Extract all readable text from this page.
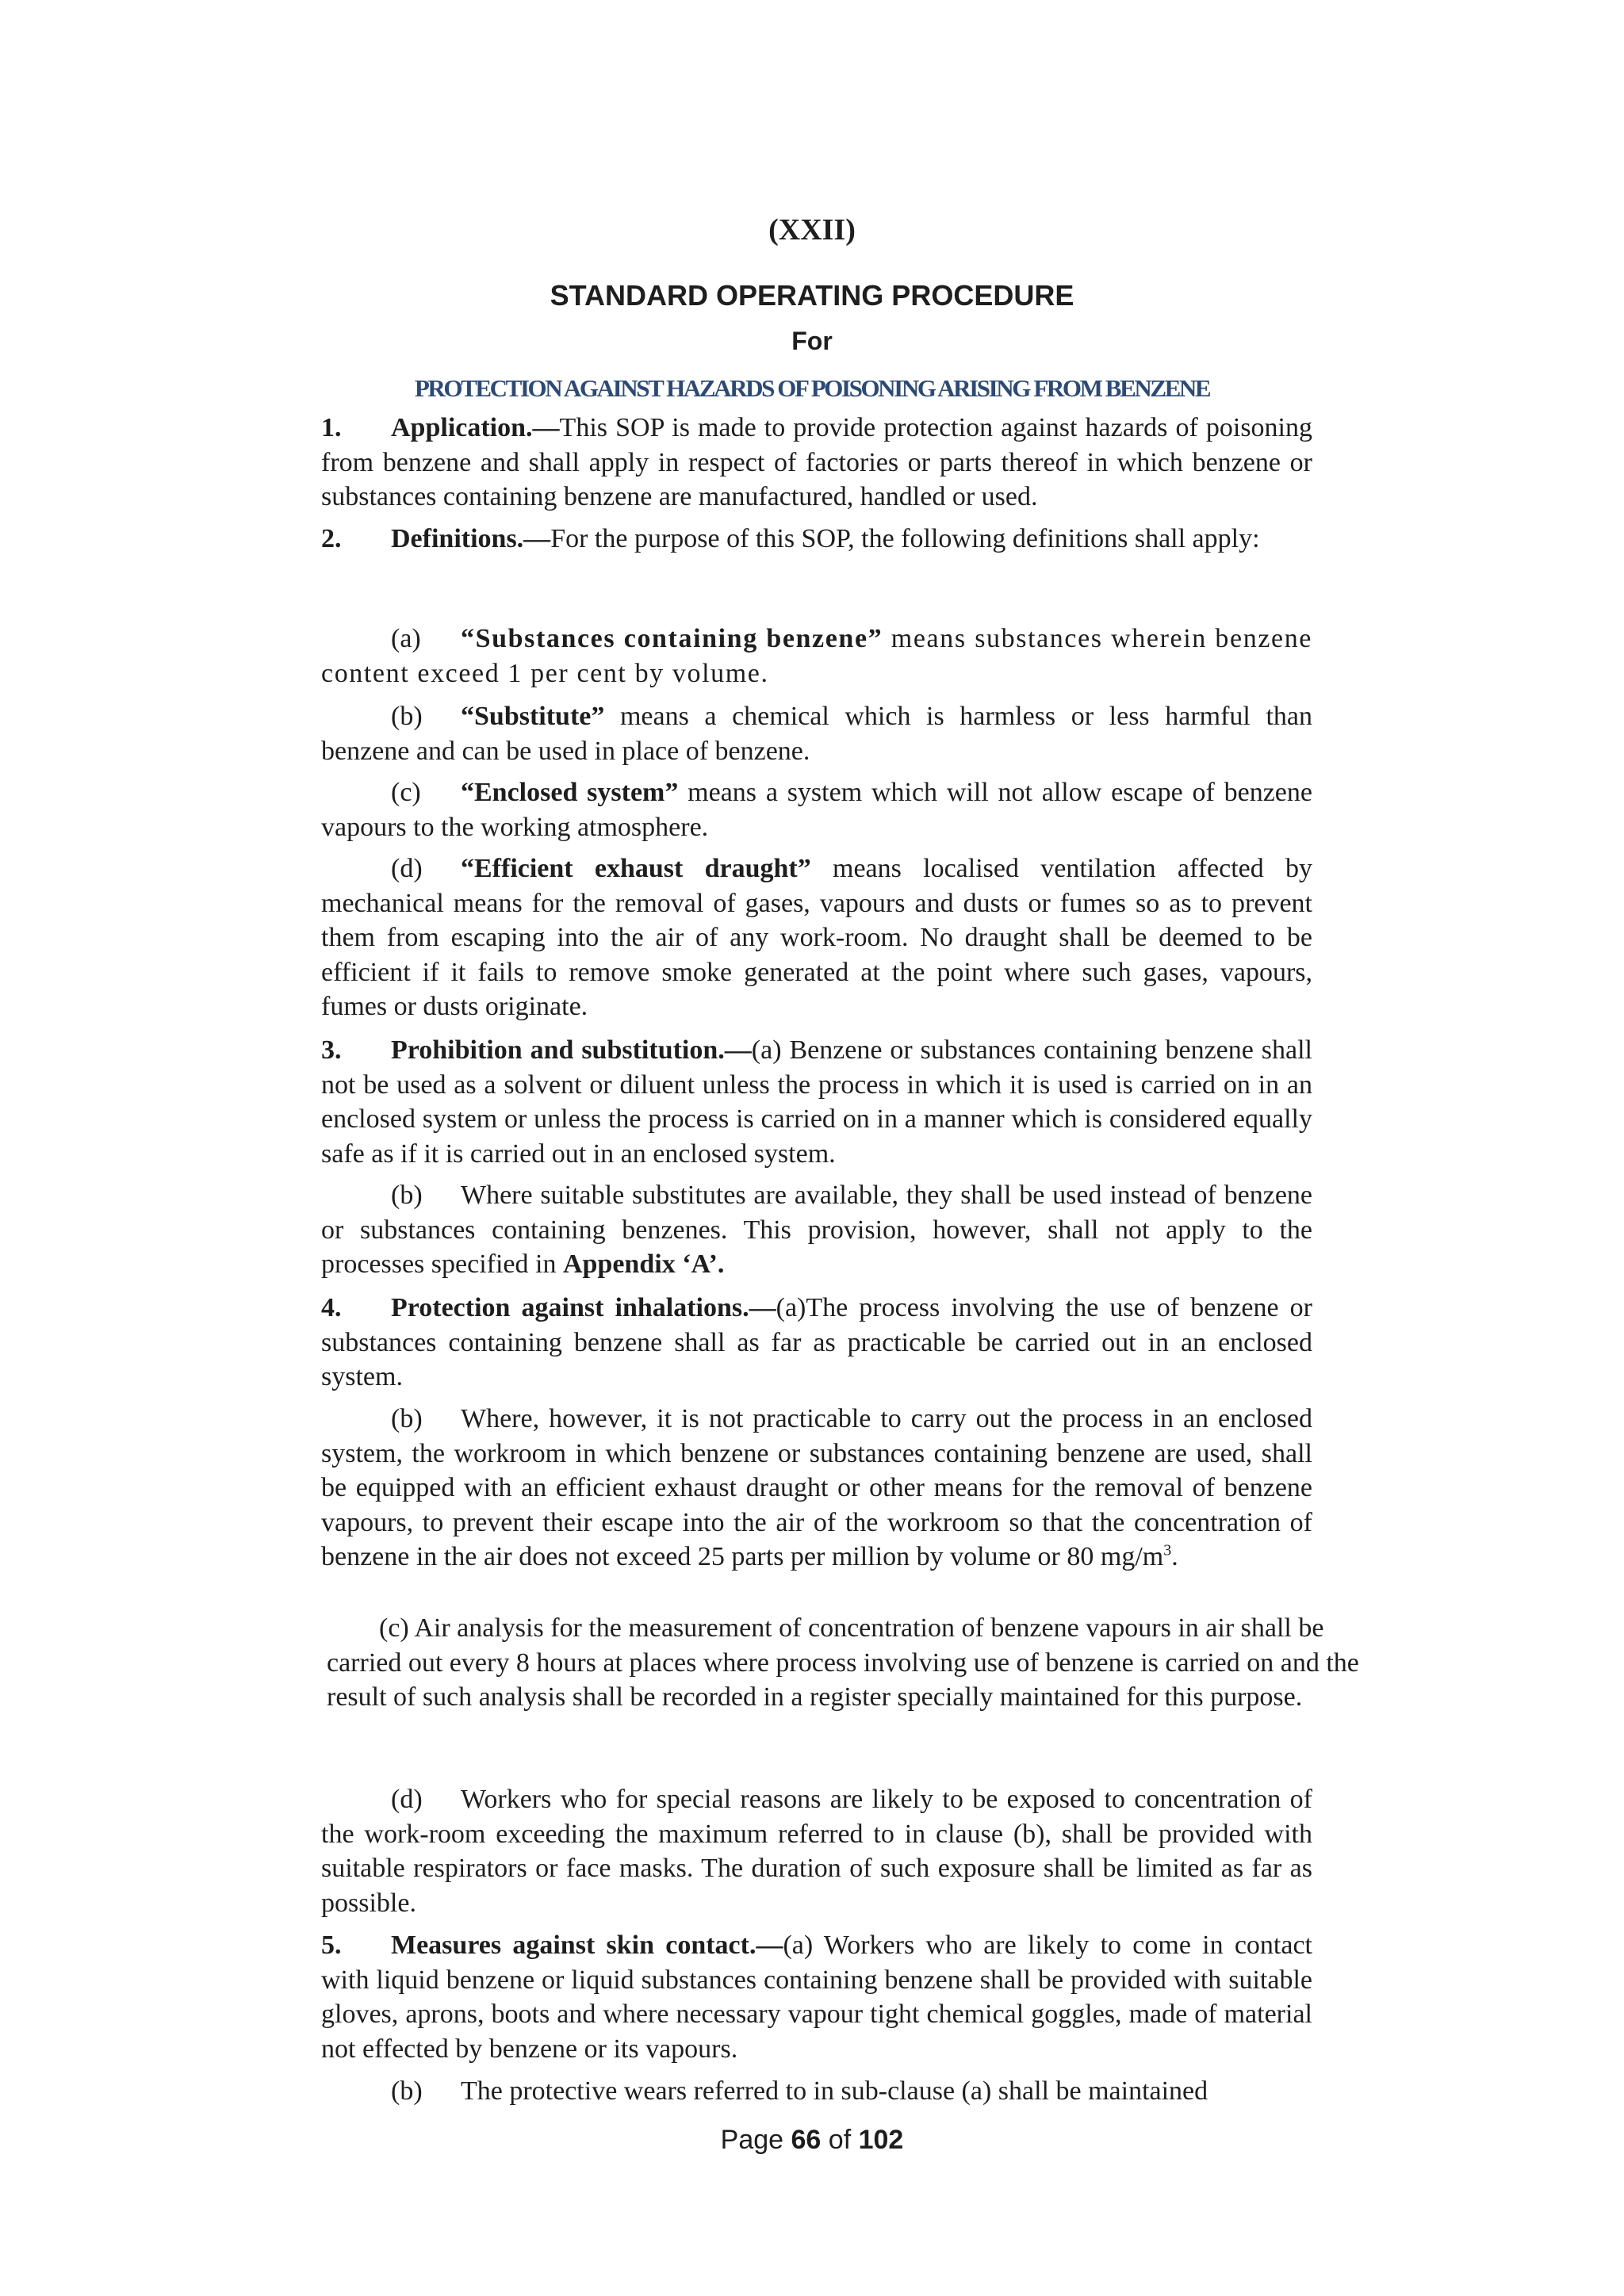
(XXII)
STANDARD OPERATING PROCEDURE
For
PROTECTION AGAINST HAZARDS OF POISONING ARISING FROM BENZENE
1. Application.—This SOP is made to provide protection against hazards of poisoning from benzene and shall apply in respect of factories or parts thereof in which benzene or substances containing benzene are manufactured, handled or used.
2. Definitions.—For the purpose of this SOP, the following definitions shall apply:
(a) “Substances containing benzene” means substances wherein benzene content exceed 1 per cent by volume.
(b) “Substitute” means a chemical which is harmless or less harmful than benzene and can be used in place of benzene.
(c) “Enclosed system” means a system which will not allow escape of benzene vapours to the working atmosphere.
(d) “Efficient exhaust draught” means localised ventilation affected by mechanical means for the removal of gases, vapours and dusts or fumes so as to prevent them from escaping into the air of any work-room. No draught shall be deemed to be efficient if it fails to remove smoke generated at the point where such gases, vapours, fumes or dusts originate.
3. Prohibition and substitution.—(a) Benzene or substances containing benzene shall not be used as a solvent or diluent unless the process in which it is used is carried on in an enclosed system or unless the process is carried on in a manner which is considered equally safe as if it is carried out in an enclosed system.
(b) Where suitable substitutes are available, they shall be used instead of benzene or substances containing benzenes. This provision, however, shall not apply to the processes specified in Appendix ‘A’.
4. Protection against inhalations.—(a)The process involving the use of benzene or substances containing benzene shall as far as practicable be carried out in an enclosed system.
(b) Where, however, it is not practicable to carry out the process in an enclosed system, the workroom in which benzene or substances containing benzene are used, shall be equipped with an efficient exhaust draught or other means for the removal of benzene vapours, to prevent their escape into the air of the workroom so that the concentration of benzene in the air does not exceed 25 parts per million by volume or 80 $mg/m^3$.
(c) Air analysis for the measurement of concentration of benzene vapours in air shall be carried out every 8 hours at places where process involving use of benzene is carried on and the result of such analysis shall be recorded in a register specially maintained for this purpose.
(d) Workers who for special reasons are likely to be exposed to concentration of the work-room exceeding the maximum referred to in clause (b), shall be provided with suitable respirators or face masks. The duration of such exposure shall be limited as far as possible.
5. Measures against skin contact.—(a) Workers who are likely to come in contact with liquid benzene or liquid substances containing benzene shall be provided with suitable gloves, aprons, boots and where necessary vapour tight chemical goggles, made of material not effected by benzene or its vapours.
(b) The protective wears referred to in sub-clause (a) shall be maintained
Page 66 of 102
